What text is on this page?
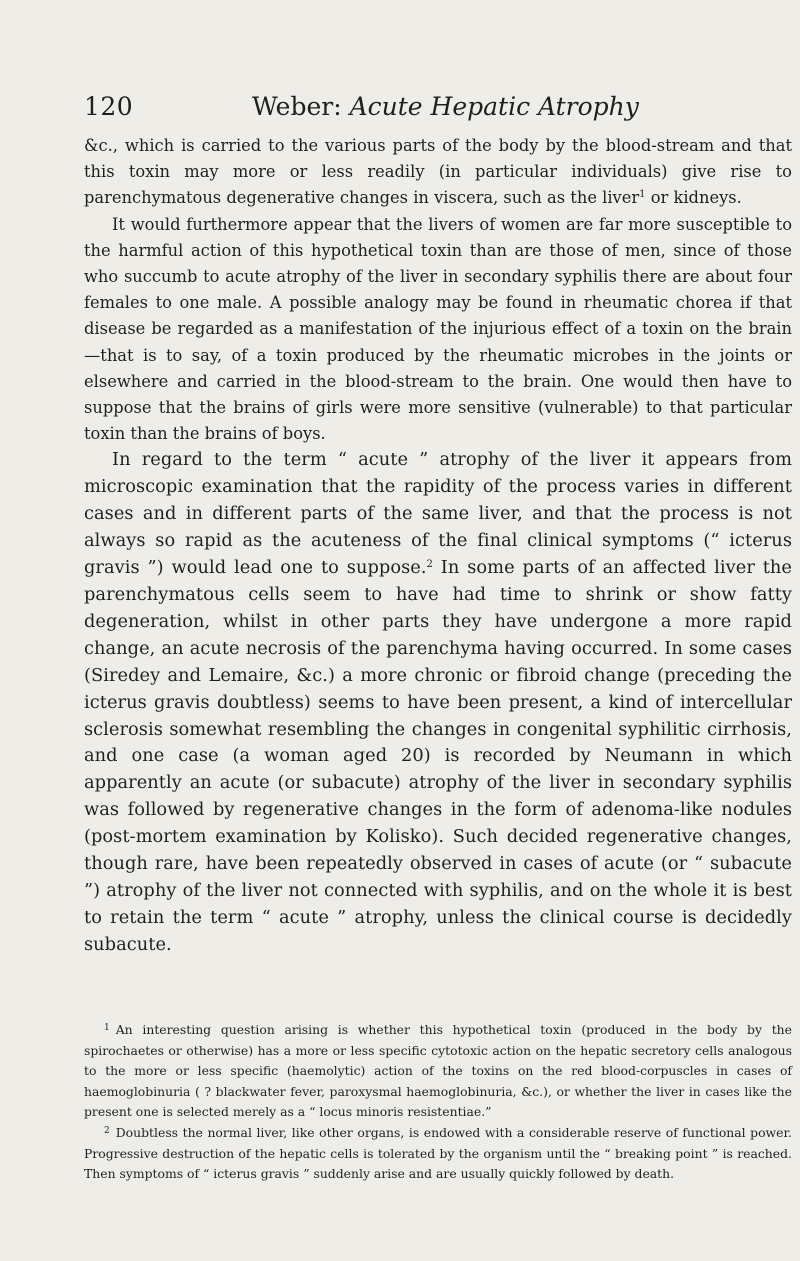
120	Weber: Acute Hepatic Atrophy

&c., which is carried to the various parts of the body by the blood-stream and that this toxin may more or less readily (in particular individuals) give rise to parenchymatous degenerative changes in viscera, such as the liver$^1$ or kidneys.

It would furthermore appear that the livers of women are far more susceptible to the harmful action of this hypothetical toxin than are those of men, since of those who succumb to acute atrophy of the liver in secondary syphilis there are about four females to one male. A possible analogy may be found in rheumatic chorea if that disease be regarded as a manifestation of the injurious effect of a toxin on the brain—that is to say, of a toxin produced by the rheumatic microbes in the joints or elsewhere and carried in the blood-stream to the brain. One would then have to suppose that the brains of girls were more sensitive (vulnerable) to that particular toxin than the brains of boys.

In regard to the term “ acute ” atrophy of the liver it appears from microscopic examination that the rapidity of the process varies in different cases and in different parts of the same liver, and that the process is not always so rapid as the acuteness of the final clinical symptoms (“ icterus gravis ”) would lead one to suppose.$^2$ In some parts of an affected liver the parenchymatous cells seem to have had time to shrink or show fatty degeneration, whilst in other parts they have undergone a more rapid change, an acute necrosis of the parenchyma having occurred. In some cases (Siredey and Lemaire, &c.) a more chronic or fibroid change (preceding the icterus gravis doubtless) seems to have been present, a kind of intercellular sclerosis somewhat resembling the changes in congenital syphilitic cirrhosis, and one case (a woman aged 20) is recorded by Neumann in which apparently an acute (or subacute) atrophy of the liver in secondary syphilis was followed by regenerative changes in the form of adenoma-like nodules (post-mortem examination by Kolisko). Such decided regenerative changes, though rare, have been repeatedly observed in cases of acute (or “ subacute ”) atrophy of the liver not connected with syphilis, and on the whole it is best to retain the term “ acute ” atrophy, unless the clinical course is decidedly subacute.

$^1$ An interesting question arising is whether this hypothetical toxin (produced in the body by the spirochaetes or otherwise) has a more or less specific cytotoxic action on the hepatic secretory cells analogous to the more or less specific (haemolytic) action of the toxins on the red blood-corpuscles in cases of haemoglobinuria ( ? blackwater fever, paroxysmal haemoglobinuria, &c.), or whether the liver in cases like the present one is selected merely as a “ locus minoris resistentiae.”

$^2$ Doubtless the normal liver, like other organs, is endowed with a considerable reserve of functional power. Progressive destruction of the hepatic cells is tolerated by the organism until the “ breaking point ” is reached. Then symptoms of “ icterus gravis ” suddenly arise and are usually quickly followed by death.
